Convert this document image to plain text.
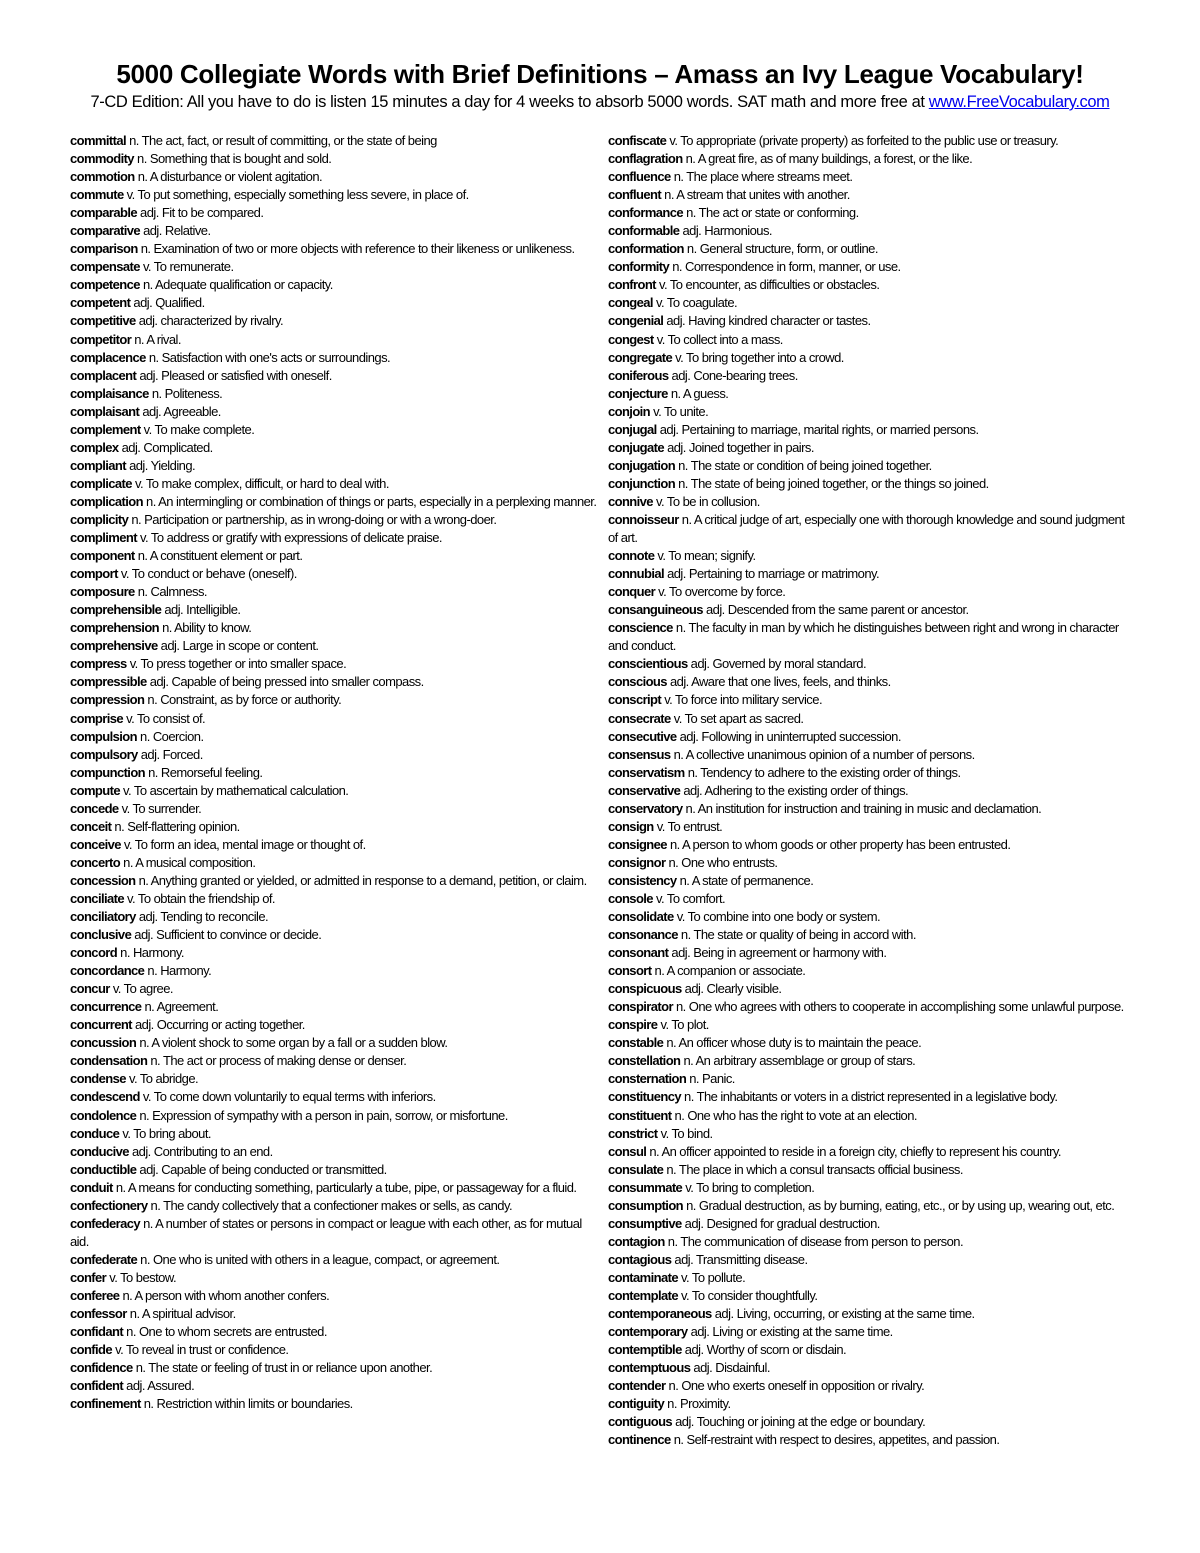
5000 Collegiate Words with Brief Definitions – Amass an Ivy League Vocabulary!
7-CD Edition: All you have to do is listen 15 minutes a day for 4 weeks to absorb 5000 words. SAT math and more free at www.FreeVocabulary.com
committal n. The act, fact, or result of committing, or the state of being
commodity n. Something that is bought and sold.
commotion n. A disturbance or violent agitation.
commute v. To put something, especially something less severe, in place of.
comparable adj. Fit to be compared.
comparative adj. Relative.
comparison n. Examination of two or more objects with reference to their likeness or unlikeness.
compensate v. To remunerate.
competence n. Adequate qualification or capacity.
competent adj. Qualified.
competitive adj. characterized by rivalry.
competitor n. A rival.
complacence n. Satisfaction with one's acts or surroundings.
complacent adj. Pleased or satisfied with oneself.
complaisance n. Politeness.
complaisant adj. Agreeable.
complement v. To make complete.
complex adj. Complicated.
compliant adj. Yielding.
complicate v. To make complex, difficult, or hard to deal with.
complication n. An intermingling or combination of things or parts, especially in a perplexing manner.
complicity n. Participation or partnership, as in wrong-doing or with a wrong-doer.
compliment v. To address or gratify with expressions of delicate praise.
component n. A constituent element or part.
comport v. To conduct or behave (oneself).
composure n. Calmness.
comprehensible adj. Intelligible.
comprehension n. Ability to know.
comprehensive adj. Large in scope or content.
compress v. To press together or into smaller space.
compressible adj. Capable of being pressed into smaller compass.
compression n. Constraint, as by force or authority.
comprise v. To consist of.
compulsion n. Coercion.
compulsory adj. Forced.
compunction n. Remorseful feeling.
compute v. To ascertain by mathematical calculation.
concede v. To surrender.
conceit n. Self-flattering opinion.
conceive v. To form an idea, mental image or thought of.
concerto n. A musical composition.
concession n. Anything granted or yielded, or admitted in response to a demand, petition, or claim.
conciliate v. To obtain the friendship of.
conciliatory adj. Tending to reconcile.
conclusive adj. Sufficient to convince or decide.
concord n. Harmony.
concordance n. Harmony.
concur v. To agree.
concurrence n. Agreement.
concurrent adj. Occurring or acting together.
concussion n. A violent shock to some organ by a fall or a sudden blow.
condensation n. The act or process of making dense or denser.
condense v. To abridge.
condescend v. To come down voluntarily to equal terms with inferiors.
condolence n. Expression of sympathy with a person in pain, sorrow, or misfortune.
conduce v. To bring about.
conducive adj. Contributing to an end.
conductible adj. Capable of being conducted or transmitted.
conduit n. A means for conducting something, particularly a tube, pipe, or passageway for a fluid.
confectionery n. The candy collectively that a confectioner makes or sells, as candy.
confederacy n. A number of states or persons in compact or league with each other, as for mutual aid.
confederate n. One who is united with others in a league, compact, or agreement.
confer v. To bestow.
conferee n. A person with whom another confers.
confessor n. A spiritual advisor.
confidant n. One to whom secrets are entrusted.
confide v. To reveal in trust or confidence.
confidence n. The state or feeling of trust in or reliance upon another.
confident adj. Assured.
confinement n. Restriction within limits or boundaries.
confiscate v. To appropriate (private property) as forfeited to the public use or treasury.
conflagration n. A great fire, as of many buildings, a forest, or the like.
confluence n. The place where streams meet.
confluent n. A stream that unites with another.
conformance n. The act or state or conforming.
conformable adj. Harmonious.
conformation n. General structure, form, or outline.
conformity n. Correspondence in form, manner, or use.
confront v. To encounter, as difficulties or obstacles.
congeal v. To coagulate.
congenial adj. Having kindred character or tastes.
congest v. To collect into a mass.
congregate v. To bring together into a crowd.
coniferous adj. Cone-bearing trees.
conjecture n. A guess.
conjoin v. To unite.
conjugal adj. Pertaining to marriage, marital rights, or married persons.
conjugate adj. Joined together in pairs.
conjugation n. The state or condition of being joined together.
conjunction n. The state of being joined together, or the things so joined.
connive v. To be in collusion.
connoisseur n. A critical judge of art, especially one with thorough knowledge and sound judgment of art.
connote v. To mean; signify.
connubial adj. Pertaining to marriage or matrimony.
conquer v. To overcome by force.
consanguineous adj. Descended from the same parent or ancestor.
conscience n. The faculty in man by which he distinguishes between right and wrong in character and conduct.
conscientious adj. Governed by moral standard.
conscious adj. Aware that one lives, feels, and thinks.
conscript v. To force into military service.
consecrate v. To set apart as sacred.
consecutive adj. Following in uninterrupted succession.
consensus n. A collective unanimous opinion of a number of persons.
conservatism n. Tendency to adhere to the existing order of things.
conservative adj. Adhering to the existing order of things.
conservatory n. An institution for instruction and training in music and declamation.
consign v. To entrust.
consignee n. A person to whom goods or other property has been entrusted.
consignor n. One who entrusts.
consistency n. A state of permanence.
console v. To comfort.
consolidate v. To combine into one body or system.
consonance n. The state or quality of being in accord with.
consonant adj. Being in agreement or harmony with.
consort n. A companion or associate.
conspicuous adj. Clearly visible.
conspirator n. One who agrees with others to cooperate in accomplishing some unlawful purpose.
conspire v. To plot.
constable n. An officer whose duty is to maintain the peace.
constellation n. An arbitrary assemblage or group of stars.
consternation n. Panic.
constituency n. The inhabitants or voters in a district represented in a legislative body.
constituent n. One who has the right to vote at an election.
constrict v. To bind.
consul n. An officer appointed to reside in a foreign city, chiefly to represent his country.
consulate n. The place in which a consul transacts official business.
consummate v. To bring to completion.
consumption n. Gradual destruction, as by burning, eating, etc., or by using up, wearing out, etc.
consumptive adj. Designed for gradual destruction.
contagion n. The communication of disease from person to person.
contagious adj. Transmitting disease.
contaminate v. To pollute.
contemplate v. To consider thoughtfully.
contemporaneous adj. Living, occurring, or existing at the same time.
contemporary adj. Living or existing at the same time.
contemptible adj. Worthy of scorn or disdain.
contemptuous adj. Disdainful.
contender n. One who exerts oneself in opposition or rivalry.
contiguity n. Proximity.
contiguous adj. Touching or joining at the edge or boundary.
continence n. Self-restraint with respect to desires, appetites, and passion.
